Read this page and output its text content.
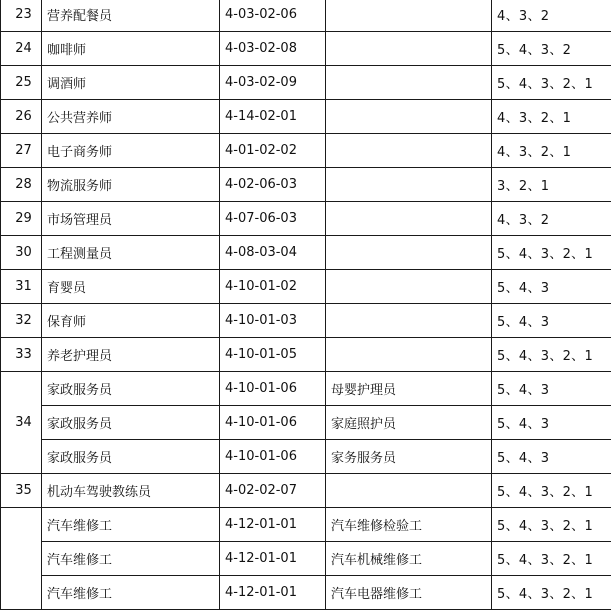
23	营养配餐员	4-03-02-06		4、3、2
24	咖啡师	4-03-02-08		5、4、3、2
25	调酒师	4-03-02-09		5、4、3、2、1
26	公共营养师	4-14-02-01		4、3、2、1
27	电子商务师	4-01-02-02		4、3、2、1
28	物流服务师	4-02-06-03		3、2、1
29	市场管理员	4-07-06-03		4、3、2
30	工程测量员	4-08-03-04		5、4、3、2、1
31	育婴员	4-10-01-02		5、4、3
32	保育师	4-10-01-03		5、4、3
33	养老护理员	4-10-01-05		5、4、3、2、1
34	家政服务员	4-10-01-06	母婴护理员	5、4、3
	家政服务员	4-10-01-06	家庭照护员	5、4、3
	家政服务员	4-10-01-06	家务服务员	5、4、3
35	机动车驾驶教练员	4-02-02-07		5、4、3、2、1
	汽车维修工	4-12-01-01	汽车维修检验工	5、4、3、2、1
	汽车维修工	4-12-01-01	汽车机械维修工	5、4、3、2、1
	汽车维修工	4-12-01-01	汽车电器维修工	5、4、3、2、1
